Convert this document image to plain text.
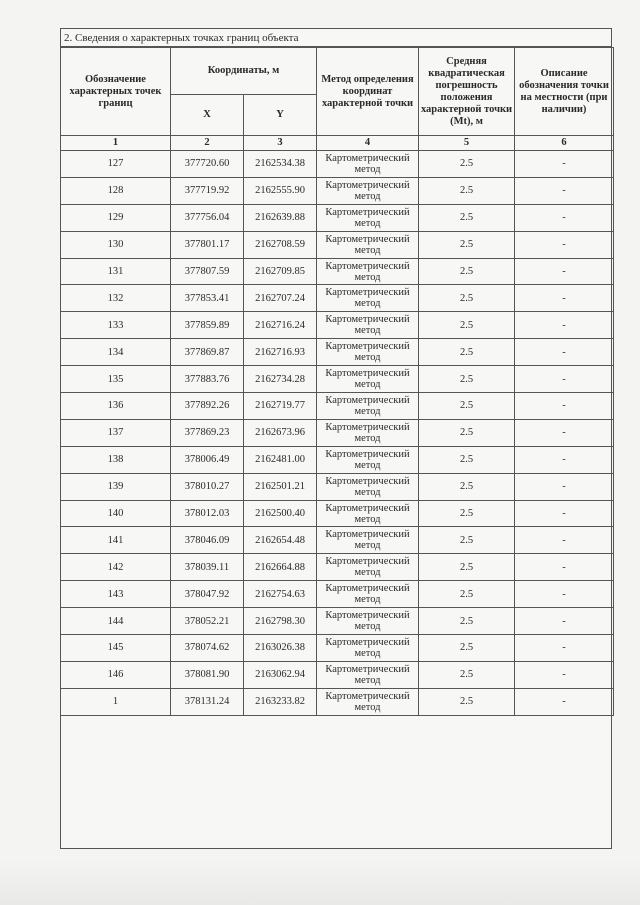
2. Сведения о характерных точках границ объекта
Обозначение характерных точек границ	Координаты, м		Метод определения координат характерной точки	Средняя квадратическая погрешность положения характерной точки (Mt), м	Описание обозначения точки на местности (при наличии)
	X	Y			
1	2	3	4	5	6
127	377720.60	2162534.38	Картометрический метод	2.5	-
128	377719.92	2162555.90	Картометрический метод	2.5	-
129	377756.04	2162639.88	Картометрический метод	2.5	-
130	377801.17	2162708.59	Картометрический метод	2.5	-
131	377807.59	2162709.85	Картометрический метод	2.5	-
132	377853.41	2162707.24	Картометрический метод	2.5	-
133	377859.89	2162716.24	Картометрический метод	2.5	-
134	377869.87	2162716.93	Картометрический метод	2.5	-
135	377883.76	2162734.28	Картометрический метод	2.5	-
136	377892.26	2162719.77	Картометрический метод	2.5	-
137	377869.23	2162673.96	Картометрический метод	2.5	-
138	378006.49	2162481.00	Картометрический метод	2.5	-
139	378010.27	2162501.21	Картометрический метод	2.5	-
140	378012.03	2162500.40	Картометрический метод	2.5	-
141	378046.09	2162654.48	Картометрический метод	2.5	-
142	378039.11	2162664.88	Картометрический метод	2.5	-
143	378047.92	2162754.63	Картометрический метод	2.5	-
144	378052.21	2162798.30	Картометрический метод	2.5	-
145	378074.62	2163026.38	Картометрический метод	2.5	-
146	378081.90	2163062.94	Картометрический метод	2.5	-
1	378131.24	2163233.82	Картометрический метод	2.5	-
